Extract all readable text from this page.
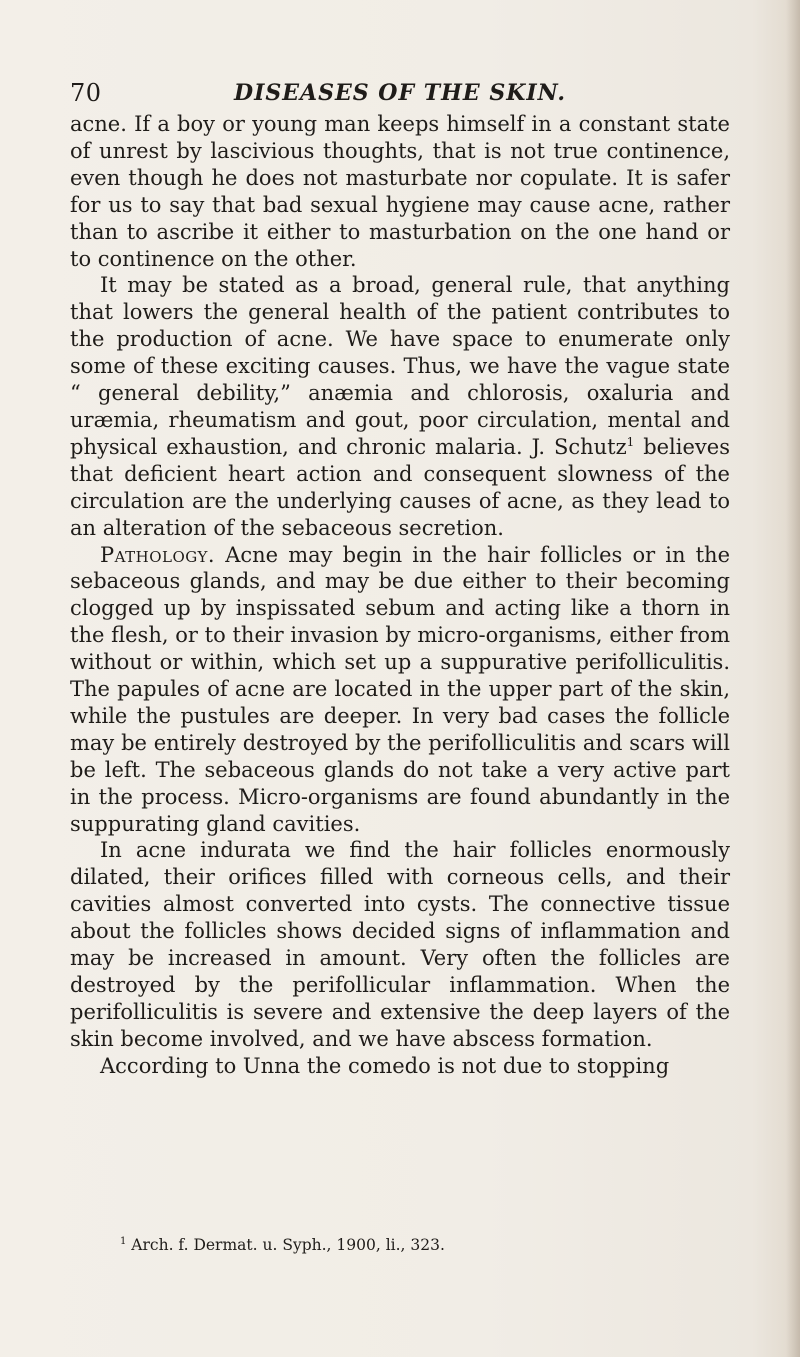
70	DISEASES OF THE SKIN.

acne. If a boy or young man keeps himself in a constant state of unrest by lascivious thoughts, that is not true continence, even though he does not masturbate nor copulate. It is safer for us to say that bad sexual hygiene may cause acne, rather than to ascribe it either to masturbation on the one hand or to continence on the other.

It may be stated as a broad, general rule, that anything that lowers the general health of the patient contributes to the production of acne. We have space to enumerate only some of these exciting causes. Thus, we have the vague state “ general debility,” anæmia and chlorosis, oxaluria and uræmia, rheumatism and gout, poor circulation, mental and physical exhaustion, and chronic malaria. J. Schutz$^1$ believes that deficient heart action and consequent slowness of the circulation are the underlying causes of acne, as they lead to an alteration of the sebaceous secretion.

Pathology. Acne may begin in the hair follicles or in the sebaceous glands, and may be due either to their becoming clogged up by inspissated sebum and acting like a thorn in the flesh, or to their invasion by micro-organisms, either from without or within, which set up a suppurative perifolliculitis. The papules of acne are located in the upper part of the skin, while the pustules are deeper. In very bad cases the follicle may be entirely destroyed by the perifolliculitis and scars will be left. The sebaceous glands do not take a very active part in the process. Micro-organisms are found abundantly in the suppurating gland cavities.

In acne indurata we find the hair follicles enormously dilated, their orifices filled with corneous cells, and their cavities almost converted into cysts. The connective tissue about the follicles shows decided signs of inflammation and may be increased in amount. Very often the follicles are destroyed by the perifollicular inflammation. When the perifolliculitis is severe and extensive the deep layers of the skin become involved, and we have abscess formation.

According to Unna the comedo is not due to stopping

$^1$ Arch. f. Dermat. u. Syph., 1900, li., 323.
